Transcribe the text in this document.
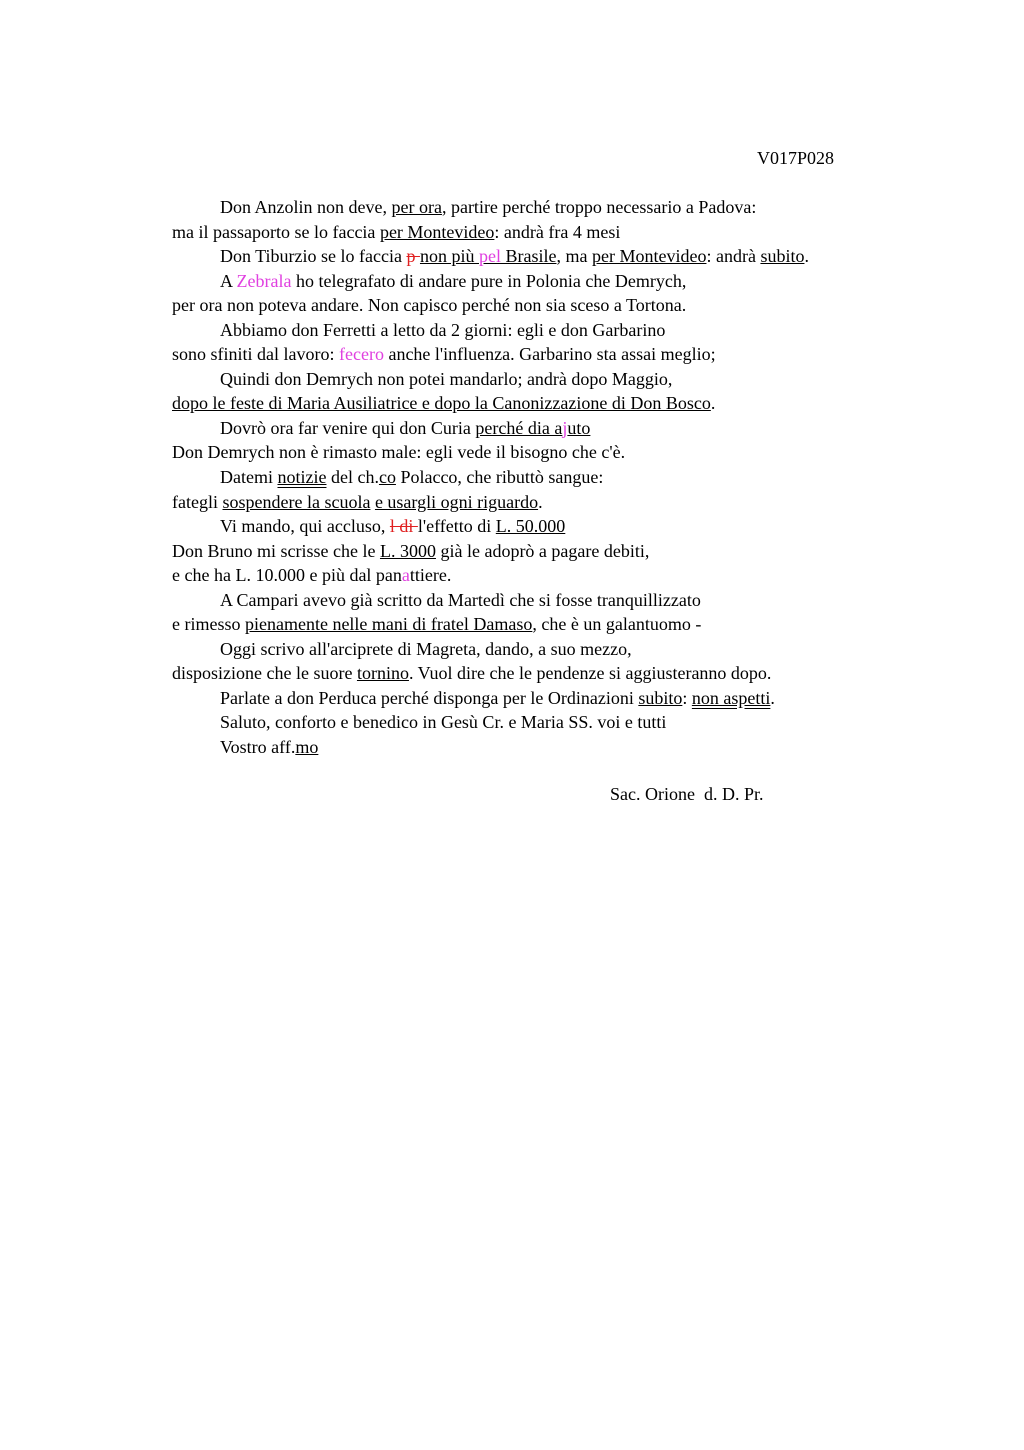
V017P028
Don Anzolin non deve, per ora, partire perché troppo necessario a Padova:
ma il passaporto se lo faccia per Montevideo: andrà fra 4 mesi
Don Tiburzio se lo faccia p non più pel Brasile, ma per Montevideo: andrà subito.
A Zebrala ho telegrafato di andare pure in Polonia che Demrych,
per ora non poteva andare. Non capisco perché non sia sceso a Tortona.
Abbiamo don Ferretti a letto da 2 giorni: egli e don Garbarino
sono sfiniti dal lavoro: fecero anche l'influenza. Garbarino sta assai meglio;
Quindi don Demrych non potei mandarlo; andrà dopo Maggio,
dopo le feste di Maria Ausiliatrice e dopo la Canonizzazione di Don Bosco.
Dovrò ora far venire qui don Curia perché dia ajuto
Don Demrych non è rimasto male: egli vede il bisogno che c'è.
Datemi notizie del ch.co Polacco, che ributtò sangue:
fategli sospendere la scuola e usargli ogni riguardo.
Vi mando, qui accluso, l di l'effetto di L. 50.000
Don Bruno mi scrisse che le L. 3000 già le adoprò a pagare debiti,
e che ha L. 10.000 e più dal panattiere.
A Campari avevo già scritto da Martedì che si fosse tranquillizzato
e rimesso pienamente nelle mani di fratel Damaso, che è un galantuomo -
Oggi scrivo all'arciprete di Magreta, dando, a suo mezzo,
disposizione che le suore tornino. Vuol dire che le pendenze si aggiusteranno dopo.
Parlate a don Perduca perché disponga per le Ordinazioni subito: non aspetti.
Saluto, conforto e benedico in Gesù Cr. e Maria SS. voi e tutti
Vostro aff.mo
Sac. Orione  d. D. Pr.
